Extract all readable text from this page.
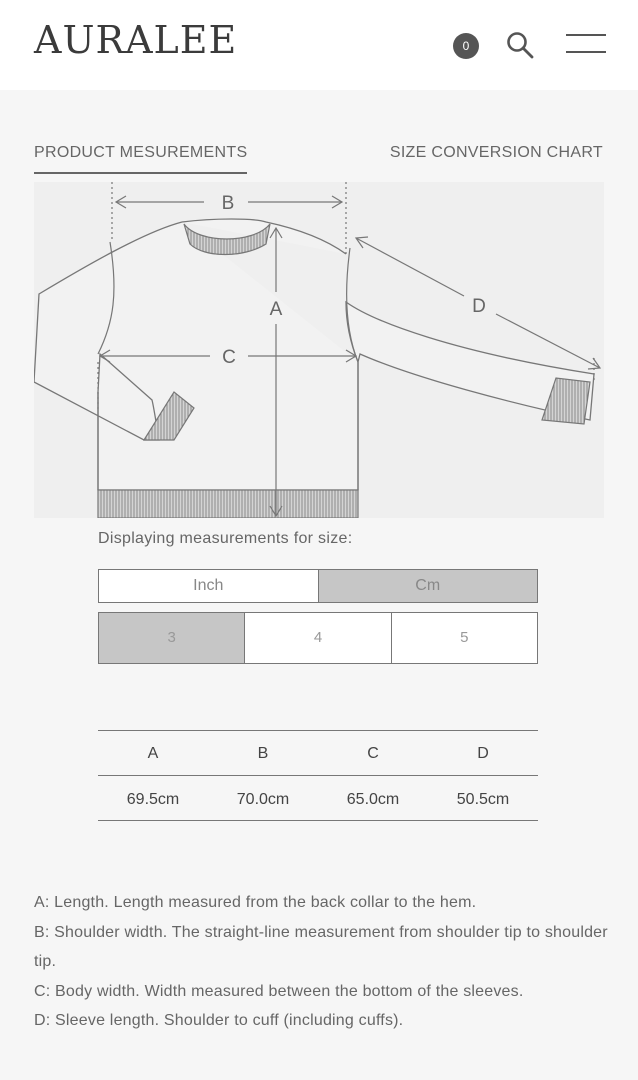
AURALEE	0
PRODUCT MESUREMENTS	SIZE CONVERSION CHART
B
A
C
D
Displaying measurements for size:
Inch	Cm
3	4	5
A	B	C	D
69.5cm	70.0cm	65.0cm	50.5cm

A: Length. Length measured from the back collar to the hem.

B: Shoulder width. The straight-line measurement from shoulder tip to shoulder tip.

C: Body width. Width measured between the bottom of the sleeves.

D: Sleeve length. Shoulder to cuff (including cuffs).
